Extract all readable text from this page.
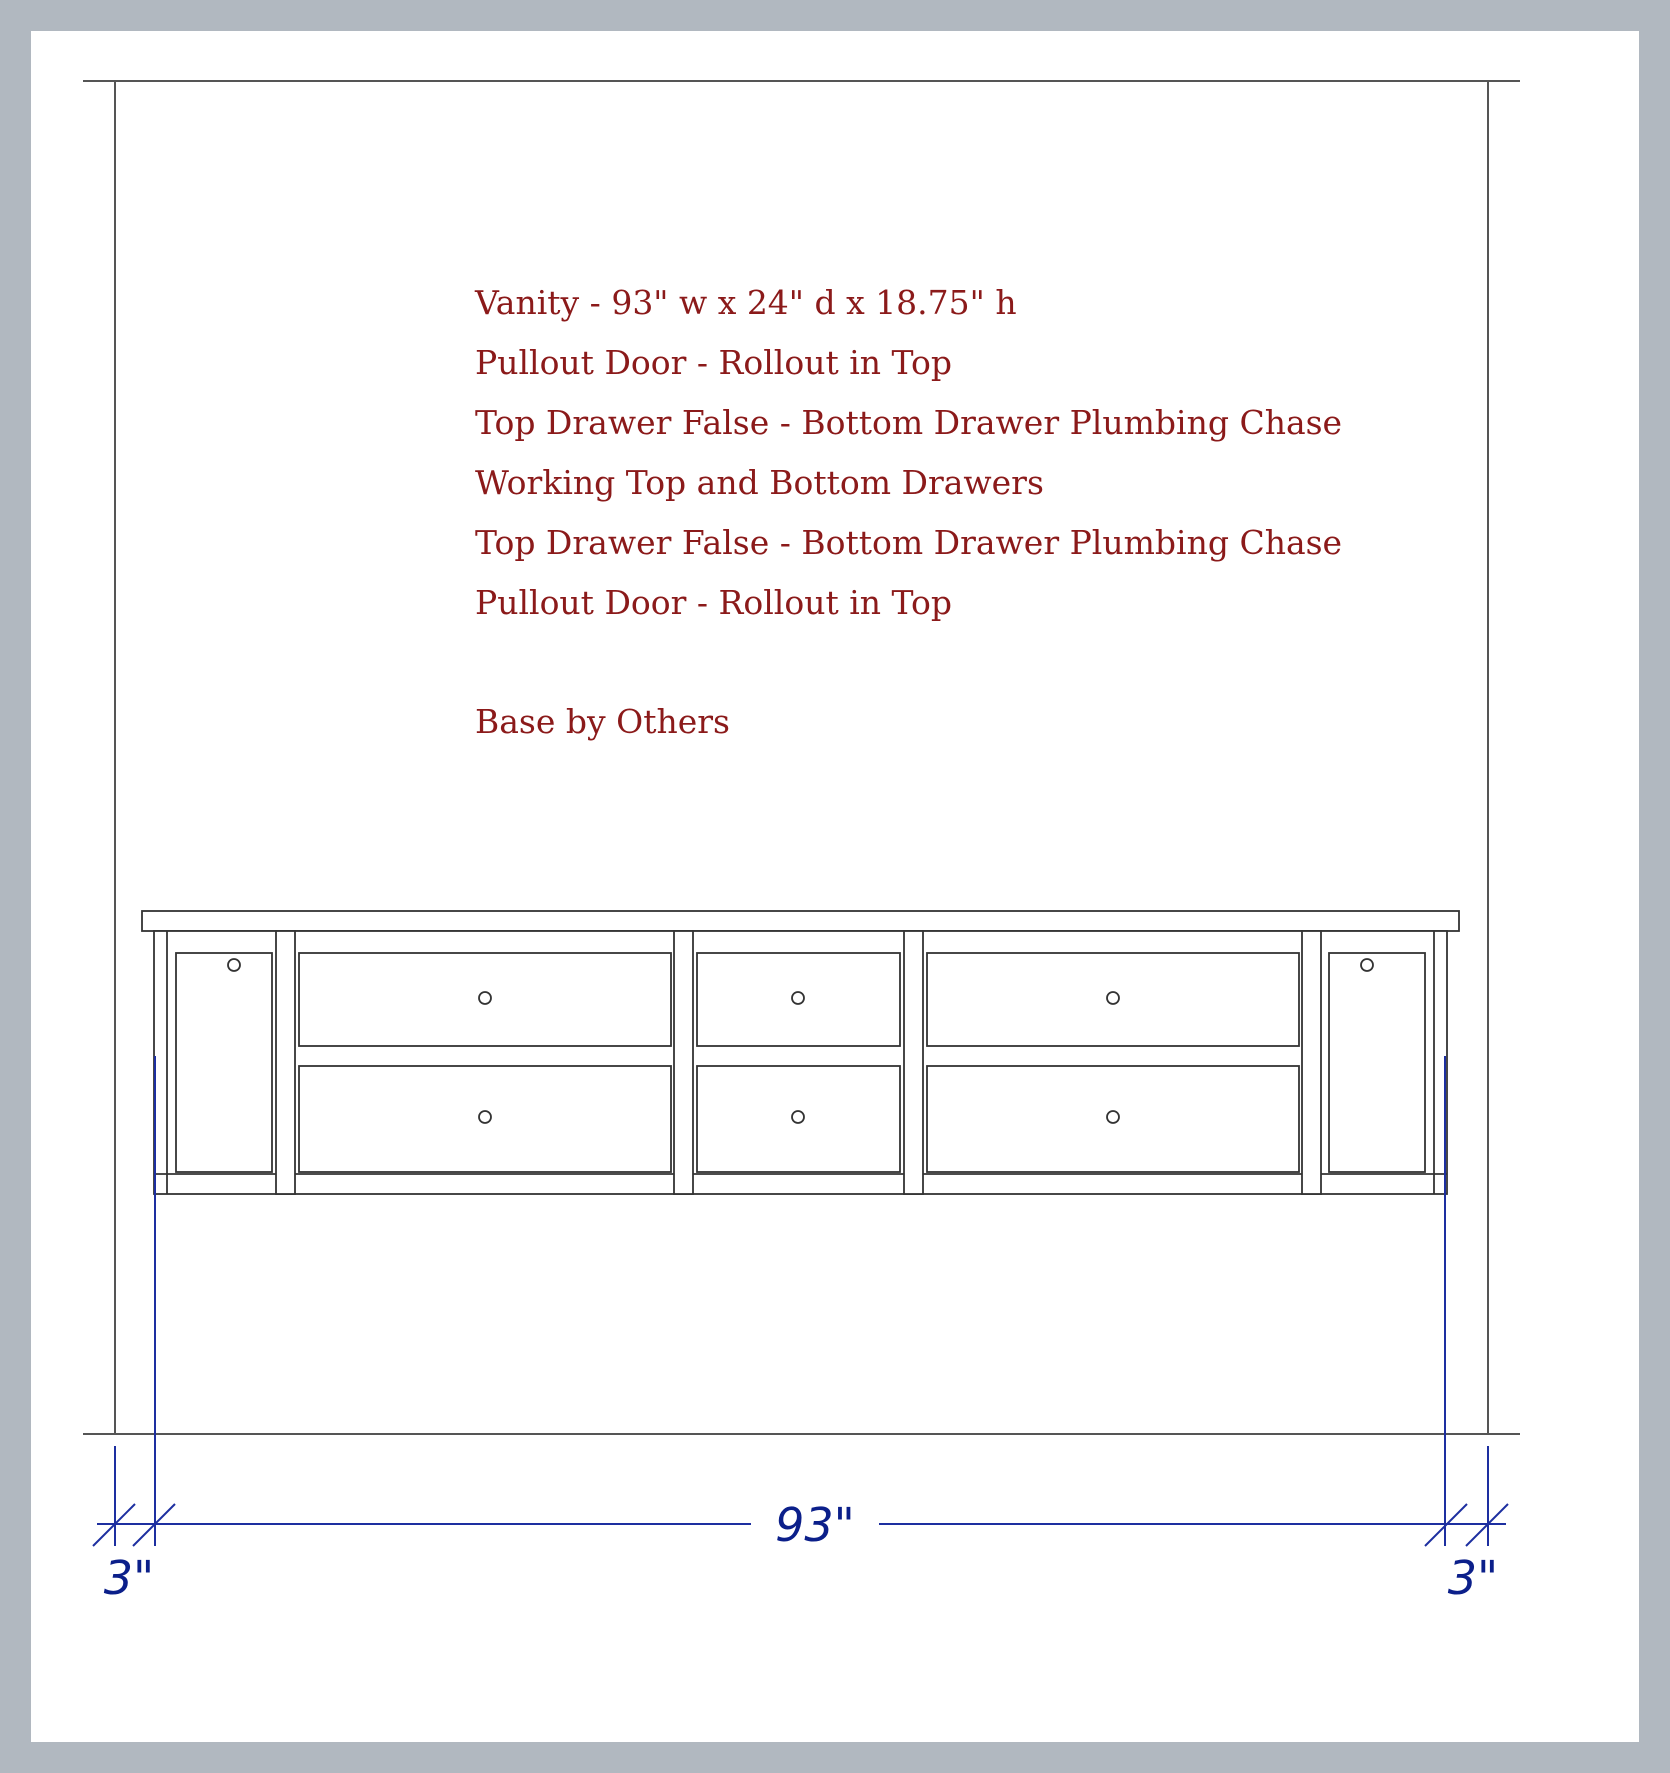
Vanity - 93" w x 24" d x 18.75" h
Pullout Door - Rollout in Top
Top Drawer False - Bottom Drawer Plumbing Chase
Working Top and Bottom Drawers
Top Drawer False - Bottom Drawer Plumbing Chase
Pullout Door - Rollout in Top
Base by Others
93"
3"	3"
